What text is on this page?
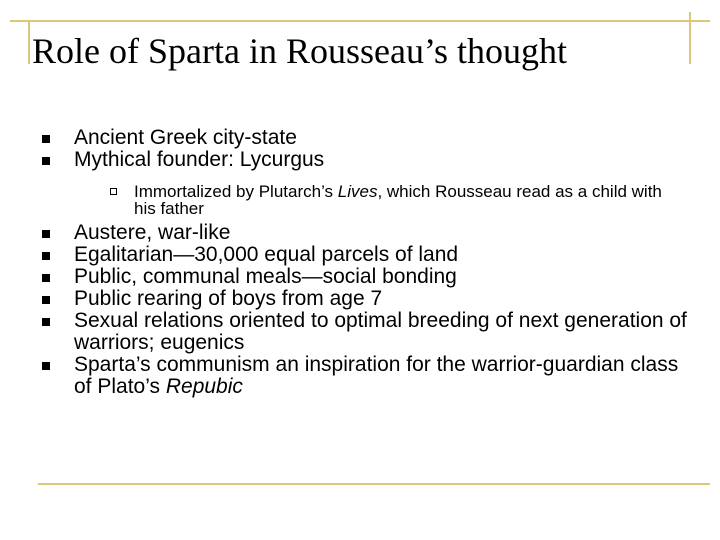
Role of Sparta in Rousseau’s thought
Ancient Greek city-state
Mythical founder: Lycurgus
Immortalized by Plutarch’s Lives, which Rousseau read as a child with his father
Austere, war-like
Egalitarian—30,000 equal parcels of land
Public, communal meals—social bonding
Public rearing of boys from age 7
Sexual relations oriented to optimal breeding of next generation of warriors; eugenics
Sparta’s communism an inspiration for the warrior-guardian class of Plato’s Repubic
